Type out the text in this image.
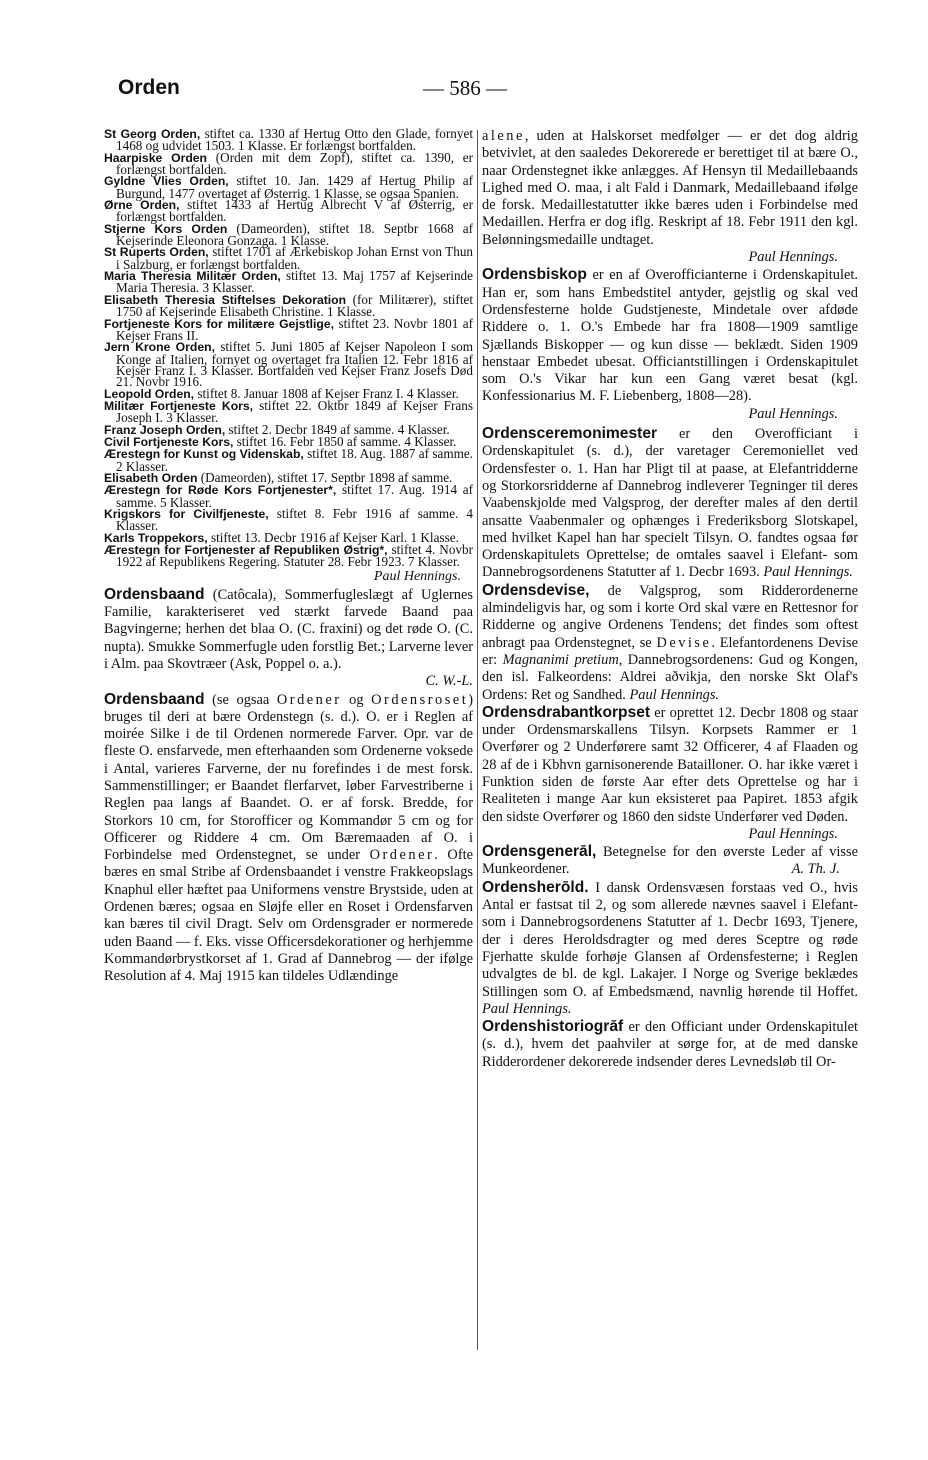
Orden	— 586 —

St Georg Orden, stiftet ca. 1330 af Hertug Otto den Glade, fornyet 1468 og udvidet 1503. 1 Klasse. Er forlængst bortfalden.

Haarpiske Orden (Orden mit dem Zopf), stiftet ca. 1390, er forlængst bortfalden.

Gyldne Vlies Orden, stiftet 10. Jan. 1429 af Hertug Philip af Burgund, 1477 overtaget af Østerrig. 1 Klasse, se ogsaa Spanien.

Ørne Orden, stiftet 1433 af Hertug Albrecht V af Østerrig, er forlængst bortfalden.

Stjerne Kors Orden (Dameorden), stiftet 18. Septbr 1668 af Kejserinde Eleonora Gonzaga. 1 Klasse.

St Ruperts Orden, stiftet 1701 af Ærkebiskop Johan Ernst von Thun i Salzburg, er forlængst bortfalden.

Maria Theresia Militær Orden, stiftet 13. Maj 1757 af Kejserinde Maria Theresia. 3 Klasser.

Elisabeth Theresia Stiftelses Dekoration (for Militærer), stiftet 1750 af Kejserinde Elisabeth Christine. 1 Klasse.

Fortjeneste Kors for militære Gejstlige, stiftet 23. Novbr 1801 af Kejser Frans II.

Jern Krone Orden, stiftet 5. Juni 1805 af Kejser Napoleon I som Konge af Italien, fornyet og overtaget fra Italien 12. Febr 1816 af Kejser Franz I. 3 Klasser. Bortfalden ved Kejser Franz Josefs Død 21. Novbr 1916.

Leopold Orden, stiftet 8. Januar 1808 af Kejser Franz I. 4 Klasser.

Militær Fortjeneste Kors, stiftet 22. Oktbr 1849 af Kejser Frans Joseph I. 3 Klasser.

Franz Joseph Orden, stiftet 2. Decbr 1849 af samme. 4 Klasser.

Civil Fortjeneste Kors, stiftet 16. Febr 1850 af samme. 4 Klasser.

Ærestegn for Kunst og Videnskab, stiftet 18. Aug. 1887 af samme. 2 Klasser.

Elisabeth Orden (Dameorden), stiftet 17. Septbr 1898 af samme.

Ærestegn for Røde Kors Fortjenester*, stiftet 17. Aug. 1914 af samme. 5 Klasser.

Krigskors for Civilfjeneste, stiftet 8. Febr 1916 af samme. 4 Klasser.

Karls Troppekors, stiftet 13. Decbr 1916 af Kejser Karl. 1 Klasse.

Ærestegn for Fortjenester af Republiken Østrig*, stiftet 4. Novbr 1922 af Republikens Regering. Statuter 28. Febr 1923. 7 Klasser.

Paul Hennings.

Ordensbaand (Catôcala), Sommerfugleslægt af Uglernes Familie, karakteriseret ved stærkt farvede Baand paa Bagvingerne; herhen det blaa O. (C. fraxini) og det røde O. (C. nupta). Smukke Sommerfugle uden forstlig Bet.; Larverne lever i Alm. paa Skovtræer (Ask, Poppel o. a.).

C. W.-L.

Ordensbaand (se ogsaa Ordener og Ordensroset) bruges til deri at bære Ordenstegn (s. d.). O. er i Reglen af moirée Silke i de til Ordenen normerede Farver. Opr. var de fleste O. ensfarvede, men efterhaanden som Ordenerne voksede i Antal, varieres Farverne, der nu forefindes i de mest forsk. Sammenstillinger; er Baandet flerfarvet, løber Farvestriberne i Reglen paa langs af Baandet. O. er af forsk. Bredde, for Storkors 10 cm, for Storofficer og Kommandør 5 cm og for Officerer og Riddere 4 cm. Om Bæremaaden af O. i Forbindelse med Ordenstegnet, se under Ordener. Ofte bæres en smal Stribe af Ordensbaandet i venstre Frakkeopslags Knaphul eller hæftet paa Uniformens venstre Brystside, uden at Ordenen bæres; ogsaa en Sløjfe eller en Roset i Ordensfarven kan bæres til civil Dragt. Selv om Ordensgrader er normerede uden Baand — f. Eks. visse Officersdekorationer og herhjemme Kommandørbrystkorset af 1. Grad af Dannebrog — der ifølge Resolution af 4. Maj 1915 kan tildeles Udlændinge

alene, uden at Halskorset medfølger — er det dog aldrig betvivlet, at den saaledes Dekorerede er berettiget til at bære O., naar Ordenstegnet ikke anlægges. Af Hensyn til Medaillebaands Lighed med O. maa, i alt Fald i Danmark, Medaillebaand ifølge de forsk. Medaillestatutter ikke bæres uden i Forbindelse med Medaillen. Herfra er dog iflg. Reskript af 18. Febr 1911 den kgl. Belønningsmedaille undtaget.

Paul Hennings.

Ordensbiskop er en af Overofficianterne i Ordenskapitulet. Han er, som hans Embedstitel antyder, gejstlig og skal ved Ordensfesterne holde Gudstjeneste, Mindetale over afdøde Riddere o. 1. O.'s Embede har fra 1808—1909 samtlige Sjællands Biskopper — og kun disse — beklædt. Siden 1909 henstaar Embedet ubesat. Officiantstillingen i Ordenskapitulet som O.'s Vikar har kun een Gang været besat (kgl. Konfessionarius M. F. Liebenberg, 1808—28).

Paul Hennings.

Ordensceremonimester er den Overofficiant i Ordenskapitulet (s. d.), der varetager Ceremoniellet ved Ordensfester o. 1. Han har Pligt til at paase, at Elefantridderne og Storkorsridderne af Dannebrog indleverer Tegninger til deres Vaabenskjolde med Valgsprog, der derefter males af den dertil ansatte Vaabenmaler og ophænges i Frederiksborg Slotskapel, med hvilket Kapel han har specielt Tilsyn. O. fandtes ogsaa før Ordenskapitulets Oprettelse; de omtales saavel i Elefant- som Dannebrogsordenens Statutter af 1. Decbr 1693. Paul Hennings.

Ordensdevise, de Valgsprog, som Ridderordenerne almindeligvis har, og som i korte Ord skal være en Rettesnor for Ridderne og angive Ordenens Tendens; det findes som oftest anbragt paa Ordenstegnet, se Devise. Elefantordenens Devise er: Magnanimi pretium, Dannebrogsordenens: Gud og Kongen, den isl. Falkeordens: Aldrei aðvikja, den norske Skt Olaf's Ordens: Ret og Sandhed. Paul Hennings.

Ordensdrabantkorpset er oprettet 12. Decbr 1808 og staar under Ordensmarskallens Tilsyn. Korpsets Rammer er 1 Overfører og 2 Underførere samt 32 Officerer, 4 af Flaaden og 28 af de i Kbhvn garnisonerende Batailloner. O. har ikke været i Funktion siden de første Aar efter dets Oprettelse og har i Realiteten i mange Aar kun eksisteret paa Papiret. 1853 afgik den sidste Overfører og 1860 den sidste Underfører ved Døden.

Paul Hennings.

Ordensgenerāl, Betegnelse for den øverste Leder af visse Munkeordener.	A. Th. J.

Ordensherōld. I dansk Ordensvæsen forstaas ved O., hvis Antal er fastsat til 2, og som allerede nævnes saavel i Elefant- som i Dannebrogsordenens Statutter af 1. Decbr 1693, Tjenere, der i deres Heroldsdragter og med deres Sceptre og røde Fjerhatte skulde forhøje Glansen af Ordensfesterne; i Reglen udvalgtes de bl. de kgl. Lakajer. I Norge og Sverige beklædes Stillingen som O. af Embedsmænd, navnlig hørende til Hoffet. Paul Hennings.

Ordenshistoriogrāf er den Officiant under Ordenskapitulet (s. d.), hvem det paahviler at sørge for, at de med danske Ridderordener dekorerede indsender deres Levnedsløb til Or-
